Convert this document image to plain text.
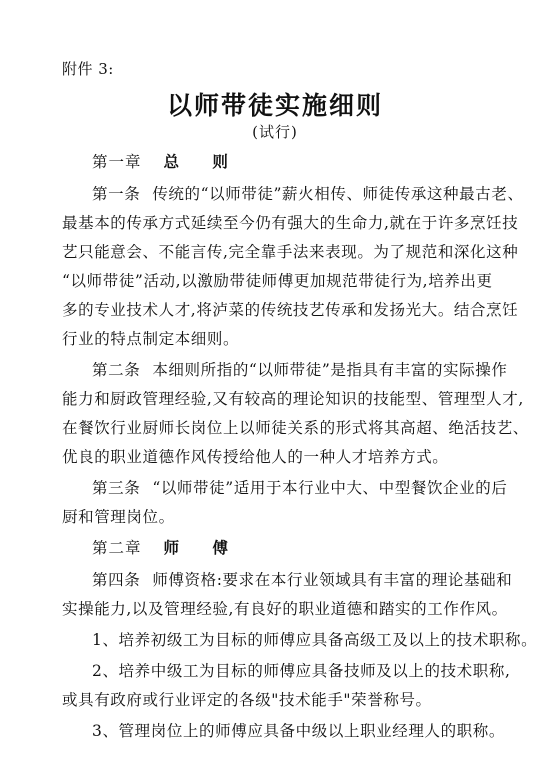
附件 3:
以师带徒实施细则
(试行)
第一章 总 则
第一条 传统的“以师带徒”薪火相传、师徒传承这种最古老、
最基本的传承方式延续至今仍有强大的生命力,就在于许多烹饪技
艺只能意会、不能言传,完全靠手法来表现。为了规范和深化这种
“以师带徒”活动,以激励带徒师傅更加规范带徒行为,培养出更
多的专业技术人才,将泸菜的传统技艺传承和发扬光大。结合烹饪
行业的特点制定本细则。
第二条 本细则所指的“以师带徒”是指具有丰富的实际操作
能力和厨政管理经验,又有较高的理论知识的技能型、管理型人才,
在餐饮行业厨师长岗位上以师徒关系的形式将其高超、绝活技艺、
优良的职业道德作风传授给他人的一种人才培养方式。
第三条 “以师带徒”适用于本行业中大、中型餐饮企业的后
厨和管理岗位。
第二章 师 傅
第四条 师傅资格:要求在本行业领域具有丰富的理论基础和
实操能力,以及管理经验,有良好的职业道德和踏实的工作作风。
1、培养初级工为目标的师傅应具备高级工及以上的技术职称。
2、培养中级工为目标的师傅应具备技师及以上的技术职称,
或具有政府或行业评定的各级"技术能手"荣誉称号。
3、管理岗位上的师傅应具备中级以上职业经理人的职称。
